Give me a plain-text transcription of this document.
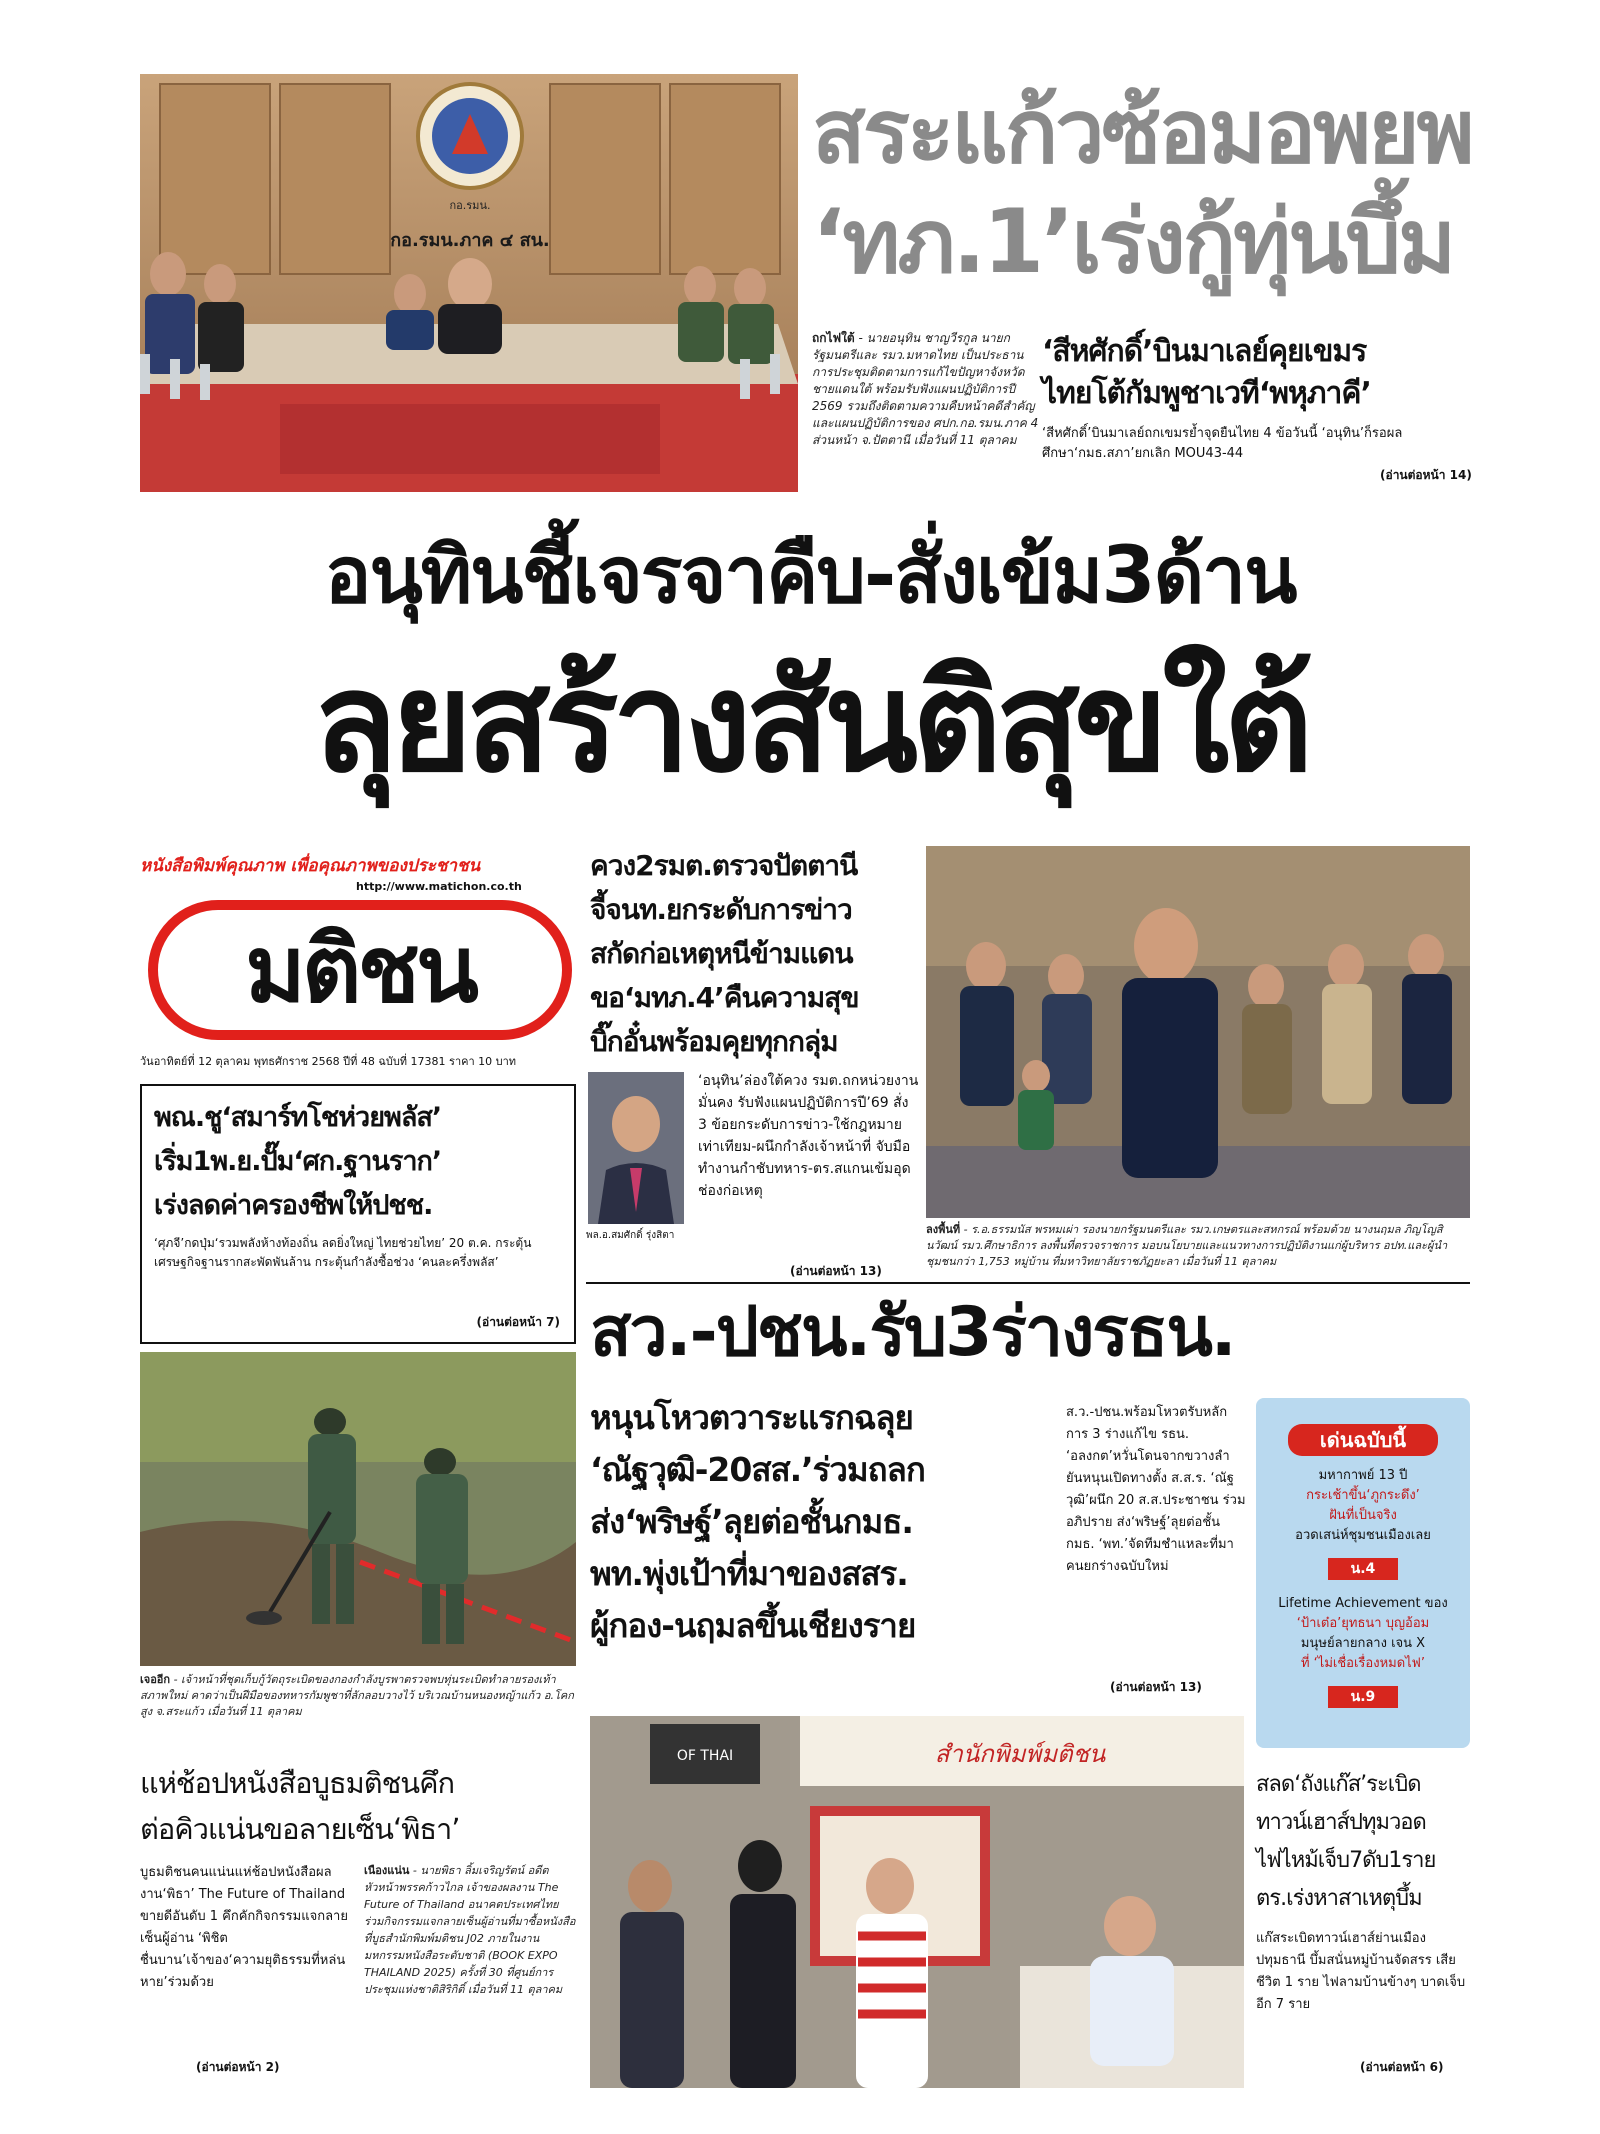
กอ.รมน.
กอ.รมน.ภาค ๔ สน.
สระแก้วซ้อมอพยพ
‘ทภ.1’เร่งกู้ทุ่นบึ้ม
ถกไฟใต้ - นายอนุทิน ชาญวีรกูล นายกรัฐมนตรีและ รมว.มหาดไทย เป็นประธานการประชุมติดตามการแก้ไขปัญหาจังหวัดชายแดนใต้ พร้อมรับฟังแผนปฏิบัติการปี 2569 รวมถึงติดตามความคืบหน้าคดีสำคัญ และแผนปฏิบัติการของ ศปก.กอ.รมน.ภาค 4 ส่วนหน้า จ.ปัตตานี เมื่อวันที่ 11 ตุลาคม
‘สีหศักดิ์’บินมาเลย์คุยเขมร
ไทยโต้กัมพูชาเวที‘พหุภาคี’
‘สีหศักดิ์’บินมาเลย์ถกเขมรย้ำจุดยืนไทย 4 ข้อวันนี้ ‘อนุทิน’ก็รอผลศึกษา‘กมธ.สภา’ยกเลิก MOU43-44
(อ่านต่อหน้า 14)
อนุทินชี้เจรจาคืบ-สั่งเข้ม3ด้าน
ลุยสร้างสันติสุขใต้
หนังสือพิมพ์คุณภาพ เพื่อคุณภาพของประชาชน
http://www.matichon.co.th
มติชน
วันอาทิตย์ที่ 12 ตุลาคม พุทธศักราช 2568 ปีที่ 48 ฉบับที่ 17381 ราคา 10 บาท
ควง2รมต.ตรวจปัตตานี
จี้จนท.ยกระดับการข่าว
สกัดก่อเหตุหนีข้ามแดน
ขอ‘มทภ.4’คืนความสุข
บิ๊กอั๋นพร้อมคุยทุกกลุ่ม
พล.อ.สมศักดิ์ รุ่งสิตา
‘อนุทิน’ล่องใต้ควง รมต.ถกหน่วยงานมั่นคง รับฟังแผนปฏิบัติการปี’69 สั่ง 3 ข้อยกระดับการข่าว-ใช้กฎหมายเท่าเทียม-ผนึกกำลังเจ้าหน้าที่ จับมือทำงานกำชับทหาร-ตร.สแกนเข้มอุดช่องก่อเหตุ
(อ่านต่อหน้า 13)
ลงพื้นที่ - ร.อ.ธรรมนัส พรหมเผ่า รองนายกรัฐมนตรีและ รมว.เกษตรและสหกรณ์ พร้อมด้วย นางนฤมล ภิญโญสินวัฒน์ รมว.ศึกษาธิการ ลงพื้นที่ตรวจราชการ มอบนโยบายและแนวทางการปฏิบัติงานแก่ผู้บริหาร อปท.และผู้นำชุมชนกว่า 1,753 หมู่บ้าน ที่มหาวิทยาลัยราชภัฏยะลา เมื่อวันที่ 11 ตุลาคม
พณ.ชู‘สมาร์ทโชห่วยพลัส’
เริ่ม1พ.ย.ปั๊ม‘ศก.ฐานราก’
เร่งลดค่าครองชีพให้ปชช.
‘ศุภจี’กดปุ่ม‘รวมพลังห้างท้องถิ่น ลดยิ่งใหญ่ ไทยช่วยไทย’ 20 ต.ค. กระตุ้นเศรษฐกิจฐานรากสะพัดพันล้าน กระตุ้นกำลังซื้อช่วง ‘คนละครึ่งพลัส’
(อ่านต่อหน้า 7)
เจออีก - เจ้าหน้าที่ชุดเก็บกู้วัตถุระเบิดของกองกำลังบูรพาตรวจพบทุ่นระเบิดทำลายรองเท้าสภาพใหม่ คาดว่าเป็นฝีมือของทหารกัมพูชาที่ลักลอบวางไว้ บริเวณบ้านหนองหญ้าแก้ว อ.โคกสูง จ.สระแก้ว เมื่อวันที่ 11 ตุลาคม
สว.-ปชน.รับ3ร่างรธน.
หนุนโหวตวาระแรกฉลุย
‘ณัฐวุฒิ-20สส.’ร่วมถลก
ส่ง‘พริษฐ์’ลุยต่อชั้นกมธ.
พท.พุ่งเป้าที่มาของสสร.
ผู้กอง-นฤมลขึ้นเชียงราย
ส.ว.-ปชน.พร้อมโหวตรับหลักการ 3 ร่างแก้ไข รธน. ‘อลงกต’หวั่นโดนจากขวางลำ ยันหนุนเปิดทางตั้ง ส.ส.ร. ‘ณัฐวุฒิ’ผนึก 20 ส.ส.ประชาชน ร่วมอภิปราย ส่ง‘พริษฐ์’ลุยต่อชั้น กมธ. ‘พท.’จัดทีมชำแหละที่มาคนยกร่างฉบับใหม่
(อ่านต่อหน้า 13)
เด่นฉบับนี้
มหากาพย์ 13 ปี
กระเช้าขึ้น‘ภูกระดึง’
ฝันที่เป็นจริง
อวดเสน่ห์ชุมชนเมืองเลย
น.4
Lifetime Achievement ของ
‘ป้าเต๋อ’ยุทธนา บุญอ้อม
มนุษย์ลายกลาง เจน X
ที่ ‘ไม่เชื่อเรื่องหมดไฟ’
น.9
แห่ช้อปหนังสือบูธมติชนคึก
ต่อคิวแน่นขอลายเซ็น‘พิธา’
บูธมติชนคนแน่นแห่ช้อปหนังสือผลงาน‘พิธา’ The Future of Thailand ขายดีอันดับ 1 คึกคักกิจกรรมแจกลายเซ็นผู้อ่าน ‘พิชิต ชื่นบาน’เจ้าของ‘ความยุติธรรมที่หล่นหาย’ร่วมด้วย
(อ่านต่อหน้า 2)
เนืองแน่น - นายพิธา ลิ้มเจริญรัตน์ อดีตหัวหน้าพรรคก้าวไกล เจ้าของผลงาน The Future of Thailand อนาคตประเทศไทย ร่วมกิจกรรมแจกลายเซ็นผู้อ่านที่มาซื้อหนังสือที่บูธสำนักพิมพ์มติชน J02 ภายในงานมหกรรมหนังสือระดับชาติ (BOOK EXPO THAILAND 2025) ครั้งที่ 30 ที่ศูนย์การประชุมแห่งชาติสิริกิติ์ เมื่อวันที่ 11 ตุลาคม
สำนักพิมพ์มติชน
OF THAI
สลด‘ถังแก๊ส’ระเบิด
ทาวน์เฮาส์ปทุมวอด
ไฟไหม้เจ็บ7ดับ1ราย
ตร.เร่งหาสาเหตุบึ้ม
แก๊สระเบิดทาวน์เฮาส์ย่านเมืองปทุมธานี บึ้มสนั่นหมู่บ้านจัดสรร เสียชีวิต 1 ราย ไฟลามบ้านข้างๆ บาดเจ็บอีก 7 ราย
(อ่านต่อหน้า 6)
